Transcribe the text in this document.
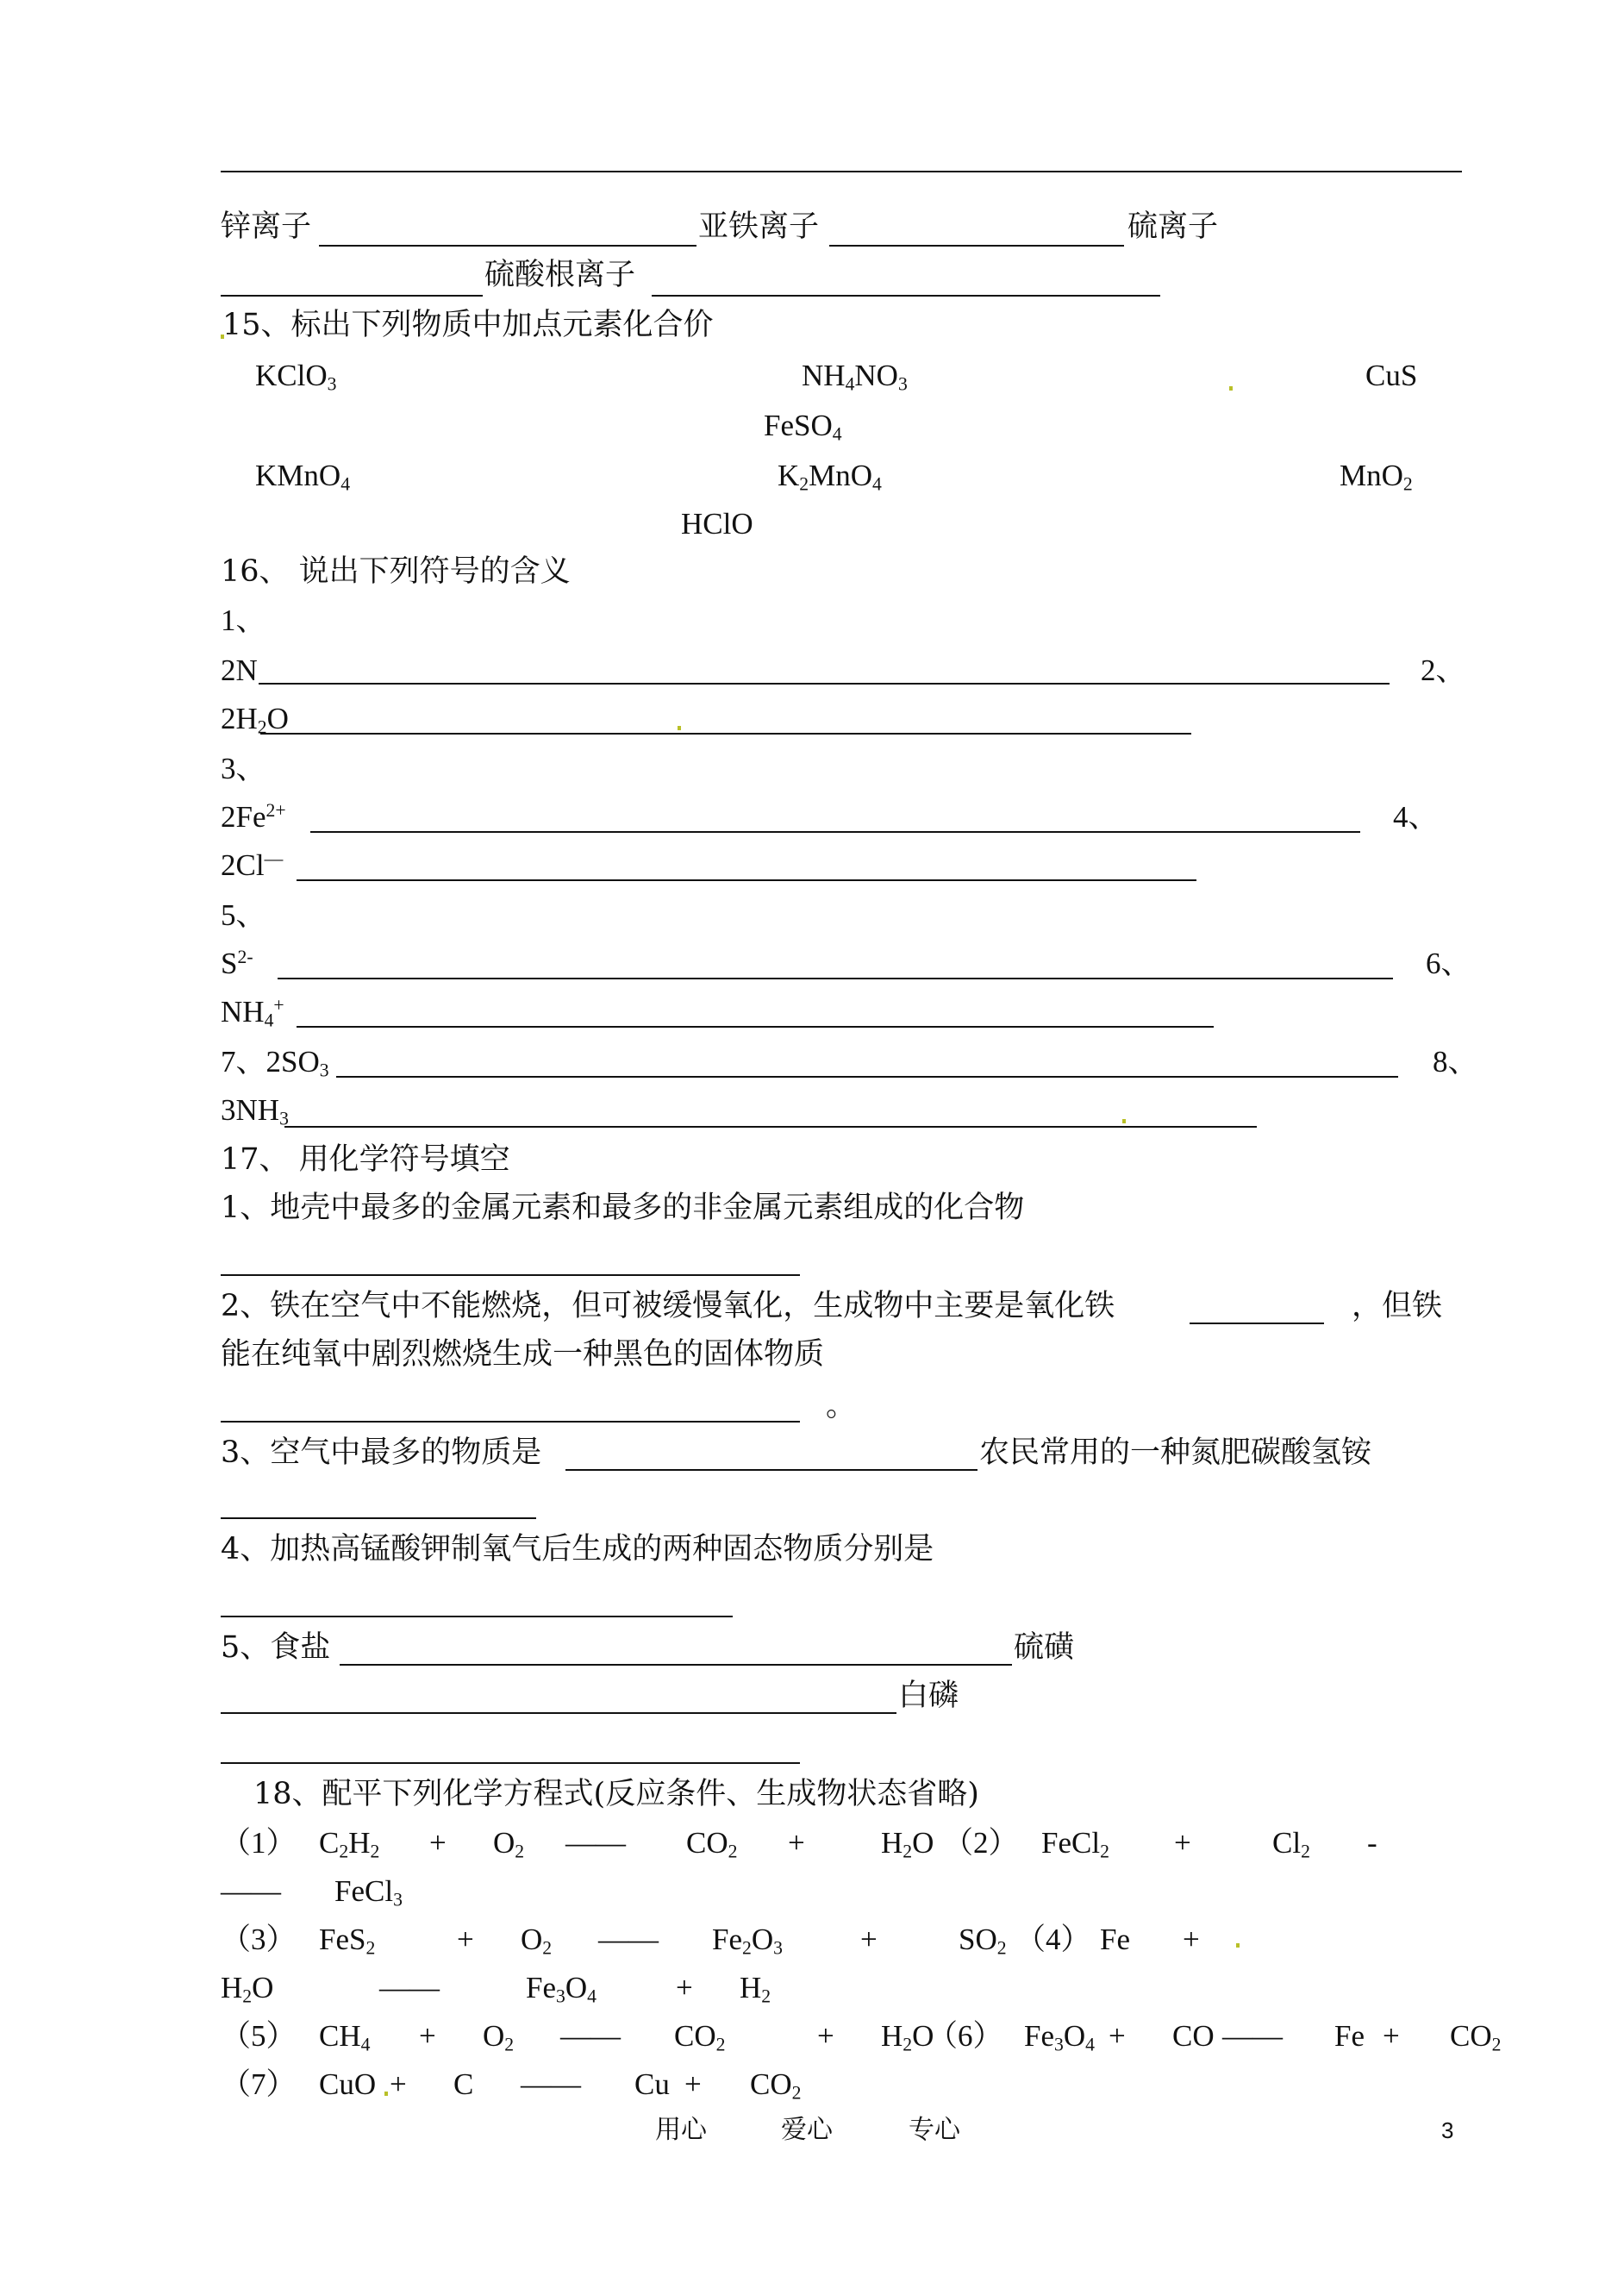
锌离子	亚铁离子	硫离子
硫酸根离子
15、标出下列物质中加点元素化合价
KClO$_3$	$NH_4NO_3$	CuS
FeSO$_4$
KMnO$_4$	$K_2MnO_4$	MnO$_2$
HClO
16、 说出下列符号的含义
1、
2N	2、
$2H_2O$
3、
$2Fe^{2+}$	4、
2Cl—
5、
$S^{2-}$	6、
$NH_4^+$
7、$2SO_3$	8、
$3NH_3$
17、 用化学符号填空
1、地壳中最多的金属元素和最多的非金属元素组成的化合物
2、铁在空气中不能燃烧，但可被缓慢氧化，生成物中主要是氧化铁	，但铁
能在纯氧中剧烈燃烧生成一种黑色的固体物质
。
3、空气中最多的物质是	农民常用的一种氮肥碳酸氢铵
4、加热高锰酸钾制氧气后生成的两种固态物质分别是
5、食盐	硫磺
白磷
18、配平下列化学方程式(反应条件、生成物状态省略)
（1） $C_2H_2 + O_2$ —— $CO_2$ +	$H_2O$ （2） FeCl$_2$ +	$Cl_2$ -
—— FeCl$_3$
（3） FeS$_2$	+ $O_2$ —— $Fe_2O_3$	+	$SO_2$ （4） Fe +
$H_2O$	——	$Fe_3O_4$	+ $H_2$
（5） $CH_4 + O_2$ —— $CO_2$	+ $H_2O$
（6） $Fe_3O_4$ + CO —— $Fe + CO_2$
（7） CuO + C —— $Cu + CO_2$
用心	爱心	专心	3
